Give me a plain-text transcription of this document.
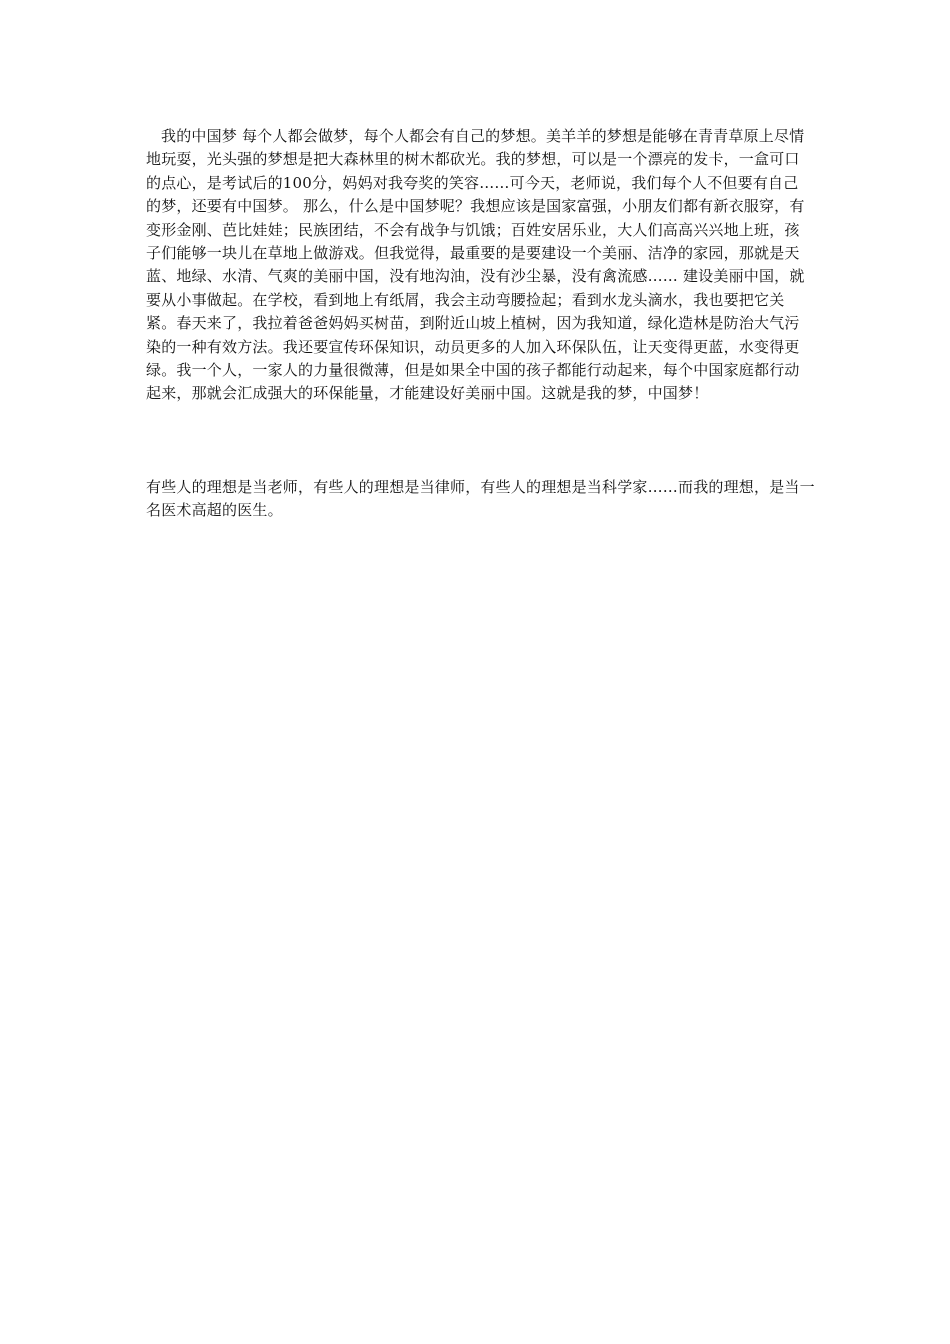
我的中国梦 每个人都会做梦，每个人都会有自己的梦想。美羊羊的梦想是能够在青青草原上尽情地玩耍，光头强的梦想是把大森林里的树木都砍光。我的梦想，可以是一个漂亮的发卡，一盒可口的点心，是考试后的100分，妈妈对我夸奖的笑容……可今天，老师说，我们每个人不但要有自己的梦，还要有中国梦。 那么，什么是中国梦呢？我想应该是国家富强，小朋友们都有新衣服穿，有变形金刚、芭比娃娃；民族团结，不会有战争与饥饿；百姓安居乐业，大人们高高兴兴地上班，孩子们能够一块儿在草地上做游戏。但我觉得，最重要的是要建设一个美丽、洁净的家园，那就是天蓝、地绿、水清、气爽的美丽中国，没有地沟油，没有沙尘暴，没有禽流感…… 建设美丽中国，就要从小事做起。在学校，看到地上有纸屑，我会主动弯腰捡起；看到水龙头滴水，我也要把它关紧。春天来了，我拉着爸爸妈妈买树苗，到附近山坡上植树，因为我知道，绿化造林是防治大气污染的一种有效方法。我还要宣传环保知识，动员更多的人加入环保队伍，让天变得更蓝，水变得更绿。我一个人，一家人的力量很微薄，但是如果全中国的孩子都能行动起来，每个中国家庭都行动起来，那就会汇成强大的环保能量，才能建设好美丽中国。这就是我的梦，中国梦！

有些人的理想是当老师，有些人的理想是当律师，有些人的理想是当科学家……而我的理想，是当一名医术高超的医生。
